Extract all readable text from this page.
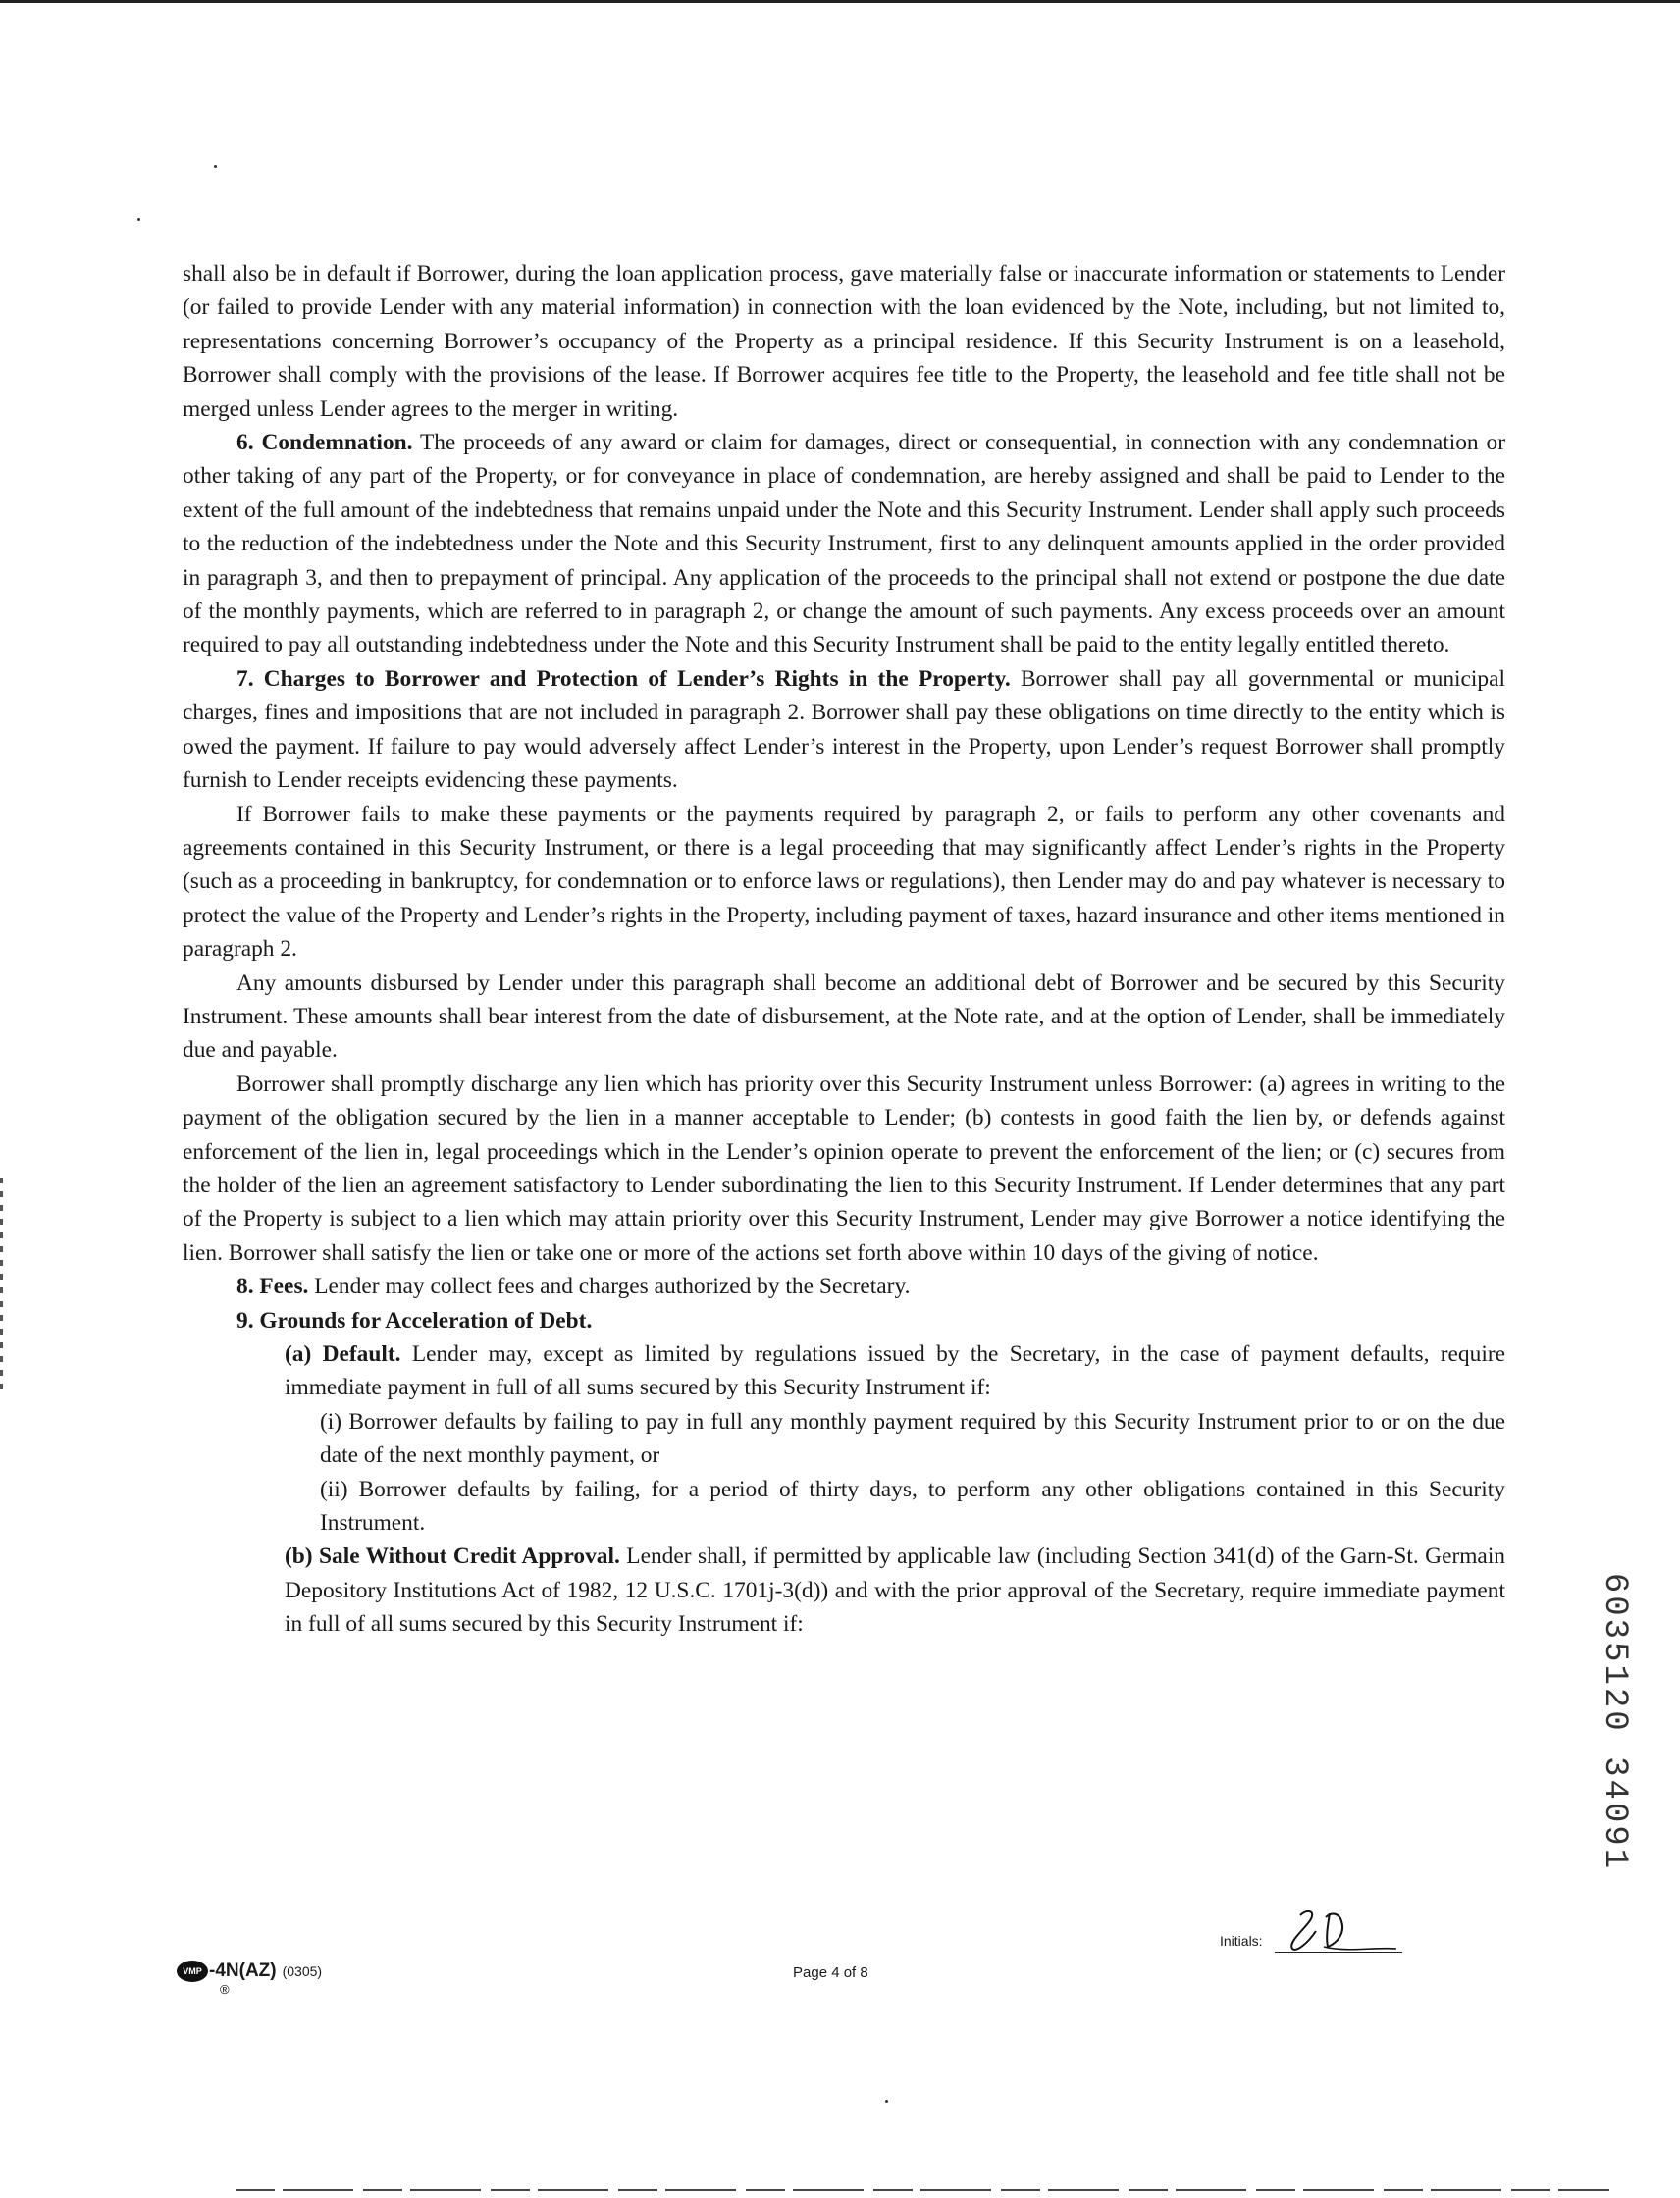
shall also be in default if Borrower, during the loan application process, gave materially false or inaccurate information or statements to Lender (or failed to provide Lender with any material information) in connection with the loan evidenced by the Note, including, but not limited to, representations concerning Borrower’s occupancy of the Property as a principal residence. If this Security Instrument is on a leasehold, Borrower shall comply with the provisions of the lease. If Borrower acquires fee title to the Property, the leasehold and fee title shall not be merged unless Lender agrees to the merger in writing.

6. Condemnation. The proceeds of any award or claim for damages, direct or consequential, in connection with any condemnation or other taking of any part of the Property, or for conveyance in place of condemnation, are hereby assigned and shall be paid to Lender to the extent of the full amount of the indebtedness that remains unpaid under the Note and this Security Instrument. Lender shall apply such proceeds to the reduction of the indebtedness under the Note and this Security Instrument, first to any delinquent amounts applied in the order provided in paragraph 3, and then to prepayment of principal. Any application of the proceeds to the principal shall not extend or postpone the due date of the monthly payments, which are referred to in paragraph 2, or change the amount of such payments. Any excess proceeds over an amount required to pay all outstanding indebtedness under the Note and this Security Instrument shall be paid to the entity legally entitled thereto.

7. Charges to Borrower and Protection of Lender’s Rights in the Property. Borrower shall pay all governmental or municipal charges, fines and impositions that are not included in paragraph 2. Borrower shall pay these obligations on time directly to the entity which is owed the payment. If failure to pay would adversely affect Lender’s interest in the Property, upon Lender’s request Borrower shall promptly furnish to Lender receipts evidencing these payments.

If Borrower fails to make these payments or the payments required by paragraph 2, or fails to perform any other covenants and agreements contained in this Security Instrument, or there is a legal proceeding that may significantly affect Lender’s rights in the Property (such as a proceeding in bankruptcy, for condemnation or to enforce laws or regulations), then Lender may do and pay whatever is necessary to protect the value of the Property and Lender’s rights in the Property, including payment of taxes, hazard insurance and other items mentioned in paragraph 2.

Any amounts disbursed by Lender under this paragraph shall become an additional debt of Borrower and be secured by this Security Instrument. These amounts shall bear interest from the date of disbursement, at the Note rate, and at the option of Lender, shall be immediately due and payable.

Borrower shall promptly discharge any lien which has priority over this Security Instrument unless Borrower: (a) agrees in writing to the payment of the obligation secured by the lien in a manner acceptable to Lender; (b) contests in good faith the lien by, or defends against enforcement of the lien in, legal proceedings which in the Lender’s opinion operate to prevent the enforcement of the lien; or (c) secures from the holder of the lien an agreement satisfactory to Lender subordinating the lien to this Security Instrument. If Lender determines that any part of the Property is subject to a lien which may attain priority over this Security Instrument, Lender may give Borrower a notice identifying the lien. Borrower shall satisfy the lien or take one or more of the actions set forth above within 10 days of the giving of notice.

8. Fees. Lender may collect fees and charges authorized by the Secretary.

9. Grounds for Acceleration of Debt.

(a) Default. Lender may, except as limited by regulations issued by the Secretary, in the case of payment defaults, require immediate payment in full of all sums secured by this Security Instrument if:

(i) Borrower defaults by failing to pay in full any monthly payment required by this Security Instrument prior to or on the due date of the next monthly payment, or

(ii) Borrower defaults by failing, for a period of thirty days, to perform any other obligations contained in this Security Instrument.

(b) Sale Without Credit Approval. Lender shall, if permitted by applicable law (including Section 341(d) of the Garn-St. Germain Depository Institutions Act of 1982, 12 U.S.C. 1701j-3(d)) and with the prior approval of the Secretary, require immediate payment in full of all sums secured by this Security Instrument if:	6035120 34091
Initials:
VMP
®
-4N(AZ) (0305)	Page 4 of 8
